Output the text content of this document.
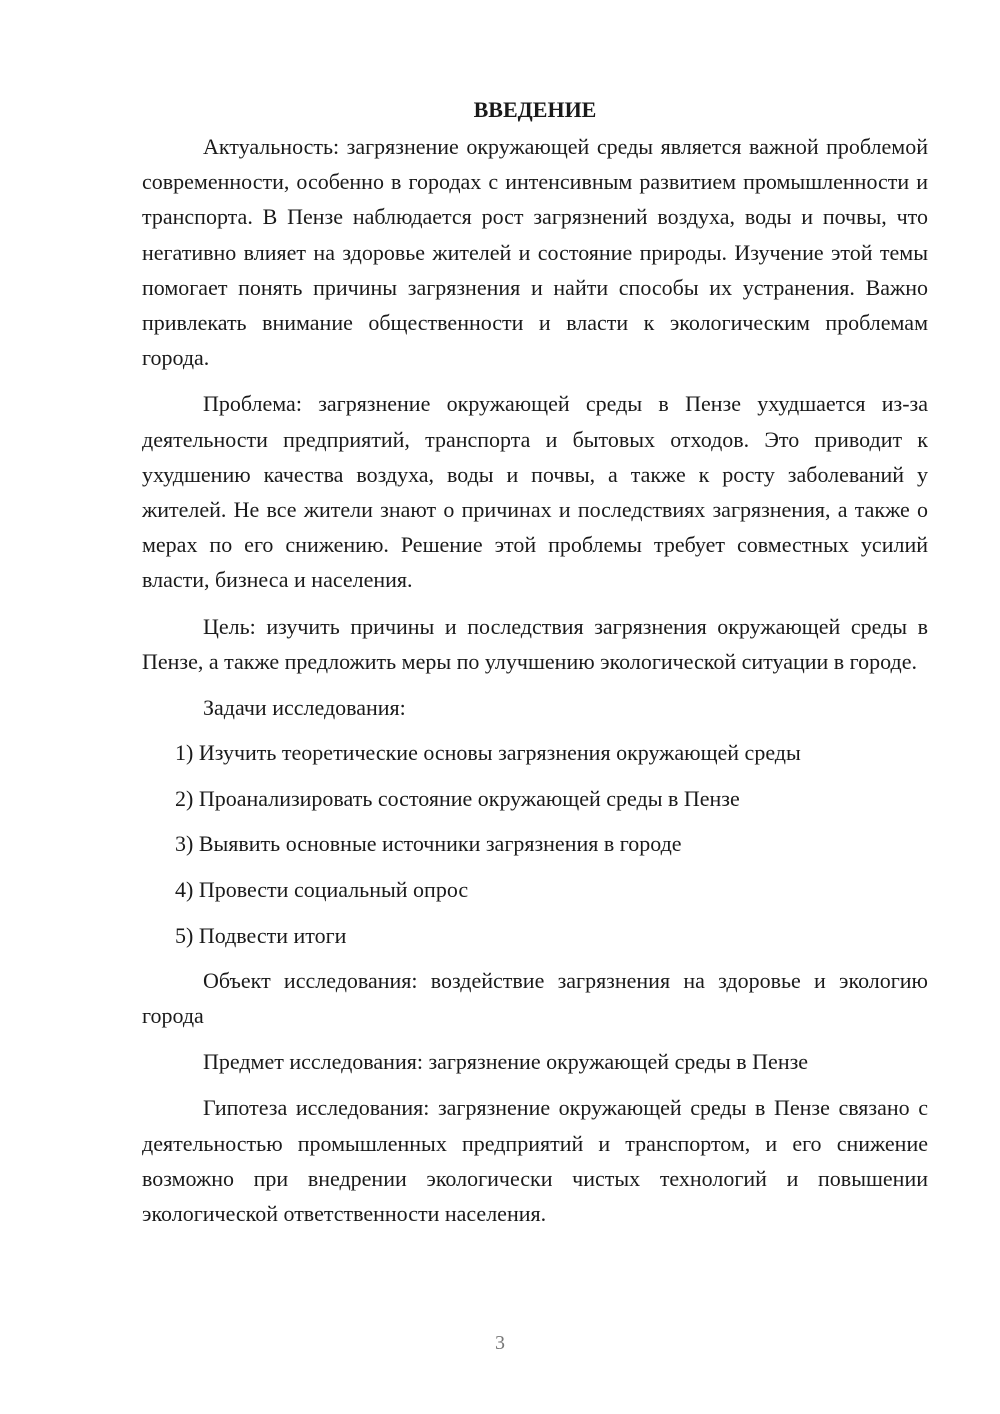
ВВЕДЕНИЕ

Актуальность: загрязнение окружающей среды является важной проблемой современности, особенно в городах с интенсивным развитием промышленности и транспорта. В Пензе наблюдается рост загрязнений воздуха, воды и почвы, что негативно влияет на здоровье жителей и состояние природы. Изучение этой темы помогает понять причины загрязнения и найти способы их устранения. Важно привлекать внимание общественности и власти к экологическим проблемам города.

Проблема: загрязнение окружающей среды в Пензе ухудшается из-за деятельности предприятий, транспорта и бытовых отходов. Это приводит к ухудшению качества воздуха, воды и почвы, а также к росту заболеваний у жителей. Не все жители знают о причинах и последствиях загрязнения, а также о мерах по его снижению. Решение этой проблемы требует совместных усилий власти, бизнеса и населения.

Цель: изучить причины и последствия загрязнения окружающей среды в Пензе, а также предложить меры по улучшению экологической ситуации в городе.

Задачи исследования:

1) Изучить теоретические основы загрязнения окружающей среды
2) Проанализировать состояние окружающей среды в Пензе
3) Выявить основные источники загрязнения в городе
4) Провести социальный опрос
5) Подвести итоги

Объект исследования: воздействие загрязнения на здоровье и экологию города

Предмет исследования: загрязнение окружающей среды в Пензе

Гипотеза исследования: загрязнение окружающей среды в Пензе связано с деятельностью промышленных предприятий и транспортом, и его снижение возможно при внедрении экологически чистых технологий и повышении экологической ответственности населения.

3
